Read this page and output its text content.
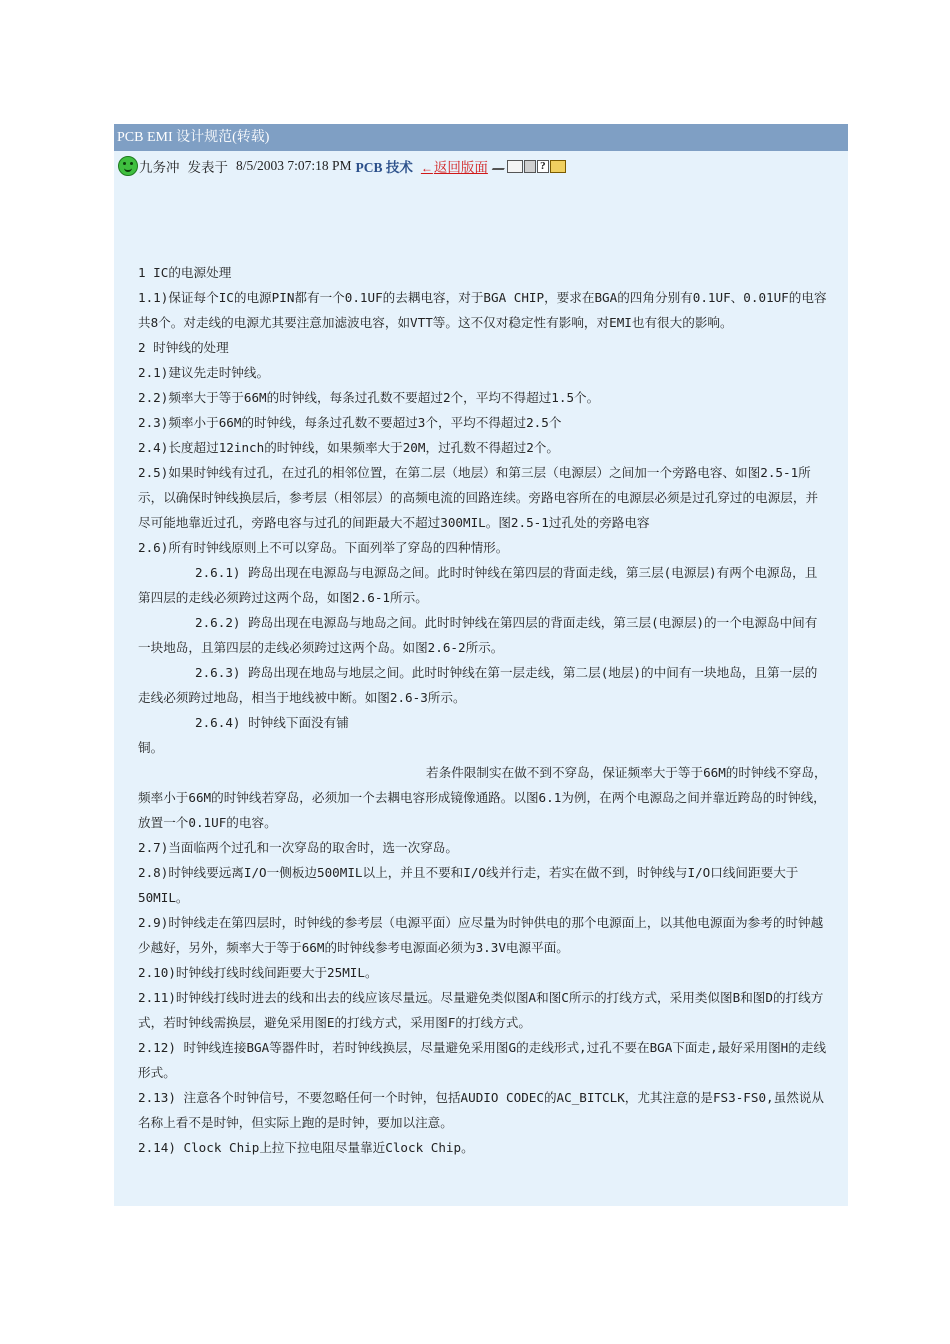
PCB EMI 设计规范(转载)
九务冲 发表于 8/5/2003 7:07:18 PM PCB 技术 ←返回版面	?

1 IC的电源处理

1.1)保证每个IC的电源PIN都有一个0.1UF的去耦电容，对于BGA CHIP，要求在BGA的四角分别有0.1UF、0.01UF的电容共8个。对走线的电源尤其要注意加滤波电容，如VTT等。这不仅对稳定性有影响，对EMI也有很大的影响。

2 时钟线的处理

2.1)建议先走时钟线。

2.2)频率大于等于66M的时钟线，每条过孔数不要超过2个，平均不得超过1.5个。

2.3)频率小于66M的时钟线，每条过孔数不要超过3个，平均不得超过2.5个

2.4)长度超过12inch的时钟线，如果频率大于20M，过孔数不得超过2个。

2.5)如果时钟线有过孔，在过孔的相邻位置，在第二层（地层）和第三层（电源层）之间加一个旁路电容、如图2.5-1所示，以确保时钟线换层后，参考层（相邻层）的高频电流的回路连续。旁路电容所在的电源层必须是过孔穿过的电源层，并尽可能地靠近过孔，旁路电容与过孔的间距最大不超过300MIL。图2.5-1过孔处的旁路电容

2.6)所有时钟线原则上不可以穿岛。下面列举了穿岛的四种情形。

2.6.1) 跨岛出现在电源岛与电源岛之间。此时时钟线在第四层的背面走线，第三层(电源层)有两个电源岛，且第四层的走线必须跨过这两个岛，如图2.6-1所示。

2.6.2) 跨岛出现在电源岛与地岛之间。此时时钟线在第四层的背面走线，第三层(电源层)的一个电源岛中间有一块地岛，且第四层的走线必须跨过这两个岛。如图2.6-2所示。

2.6.3) 跨岛出现在地岛与地层之间。此时时钟线在第一层走线，第二层(地层)的中间有一块地岛，且第一层的走线必须跨过地岛，相当于地线被中断。如图2.6-3所示。

2.6.4) 时钟线下面没有铺

铜。

若条件限制实在做不到不穿岛，保证频率大于等于66M的时钟线不穿岛，频率小于66M的时钟线若穿岛，必须加一个去耦电容形成镜像通路。以图6.1为例，在两个电源岛之间并靠近跨岛的时钟线，放置一个0.1UF的电容。

2.7)当面临两个过孔和一次穿岛的取舍时，选一次穿岛。

2.8)时钟线要远离I/O一侧板边500MIL以上，并且不要和I/O线并行走，若实在做不到，时钟线与I/O口线间距要大于50MIL。

2.9)时钟线走在第四层时，时钟线的参考层（电源平面）应尽量为时钟供电的那个电源面上，以其他电源面为参考的时钟越少越好，另外，频率大于等于66M的时钟线参考电源面必须为3.3V电源平面。

2.10)时钟线打线时线间距要大于25MIL。

2.11)时钟线打线时进去的线和出去的线应该尽量远。尽量避免类似图A和图C所示的打线方式，采用类似图B和图D的打线方式，若时钟线需换层，避免采用图E的打线方式，采用图F的打线方式。

2.12) 时钟线连接BGA等器件时，若时钟线换层，尽量避免采用图G的走线形式,过孔不要在BGA下面走,最好采用图H的走线形式。

2.13) 注意各个时钟信号，不要忽略任何一个时钟，包括AUDIO CODEC的AC_BITCLK，尤其注意的是FS3-FS0,虽然说从名称上看不是时钟，但实际上跑的是时钟，要加以注意。

2.14) Clock Chip上拉下拉电阻尽量靠近Clock Chip。
